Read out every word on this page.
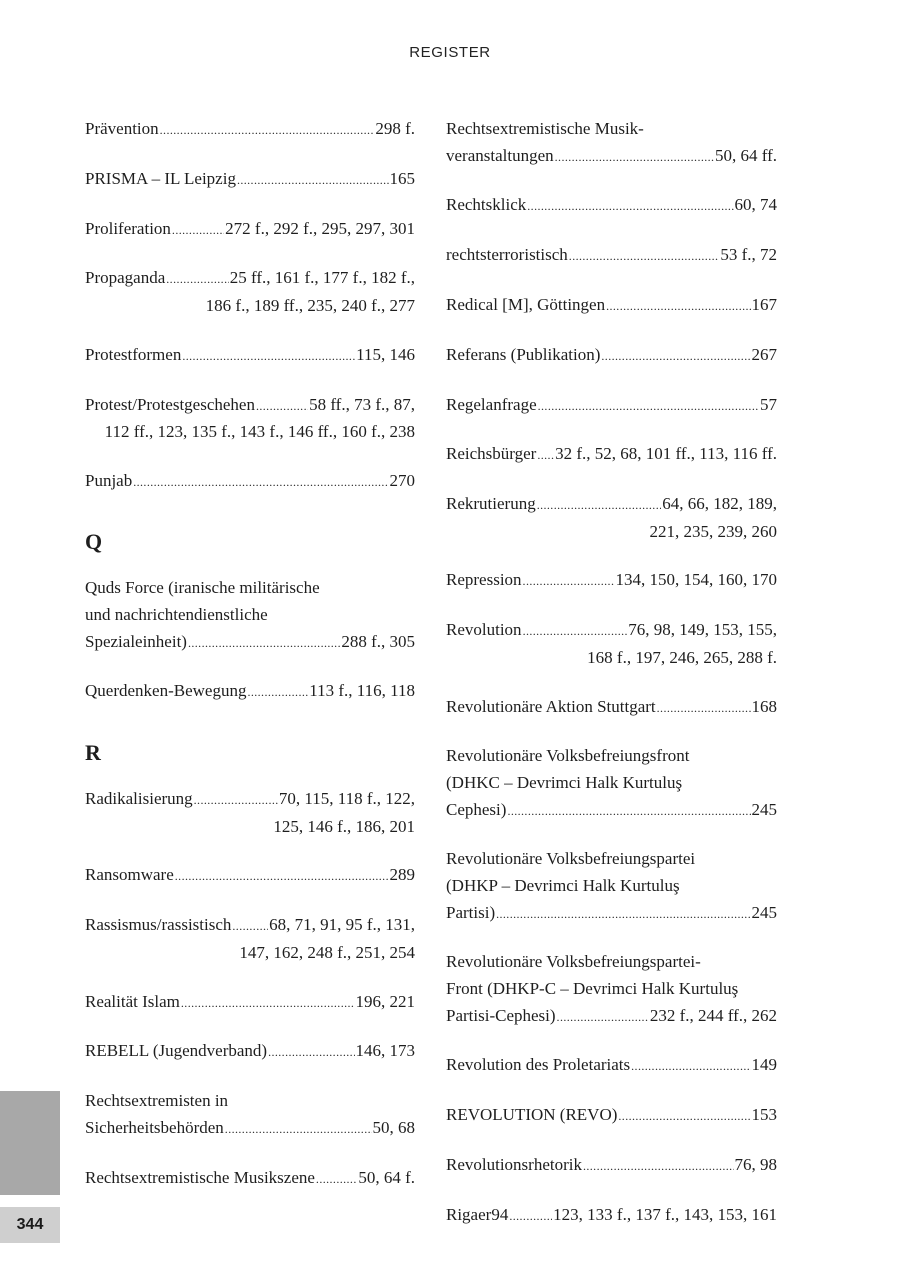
REGISTER
Prävention .....	298 f.
PRISMA – IL Leipzig .....	165
Proliferation .....	272 f., 292 f., 295, 297, 301
Propaganda .....	25 ff., 161 f., 177 f., 182 f.,
186 f., 189 ff., 235, 240 f., 277
Protestformen .....	115, 146
Protest/Protestgeschehen .....	58 ff., 73 f., 87,
112 ff., 123, 135 f., 143 f., 146 ff., 160 f., 238
Punjab .....	270
Q
Quds Force (iranische militärische
und nachrichtendienstliche
Spezialeinheit) .....	288 f., 305
Querdenken-Bewegung .....	113 f., 116, 118
R
Radikalisierung .....	70, 115, 118 f., 122,
125, 146 f., 186, 201
Ransomware .....	289
Rassismus/rassistisch ..... 68, 71, 91, 95 f., 131,
147, 162, 248 f., 251, 254
Realität Islam .....	196, 221
REBELL (Jugendverband) .....	146, 173
Rechtsextremisten in
Sicherheitsbehörden .....	50, 68
Rechtsextremistische Musikszene .....	50, 64 f.
Rechtsextremistische Musik-
veranstaltungen .....	50, 64 ff.
Rechtsklick .....	60, 74
rechtsterroristisch .....	53 f., 72
Redical [M], Göttingen .....	167
Referans (Publikation) .....	267
Regelanfrage .....	57
Reichsbürger ..... 32 f., 52, 68, 101 ff., 113, 116 ff.
Rekrutierung .....	64, 66, 182, 189,
221, 235, 239, 260
Repression .....	134, 150, 154, 160, 170
Revolution .....	76, 98, 149, 153, 155,
168 f., 197, 246, 265, 288 f.
Revolutionäre Aktion Stuttgart .....	168
Revolutionäre Volksbefreiungsfront
(DHKC – Devrimci Halk Kurtuluş
Cephesi) .....	245
Revolutionäre Volksbefreiungspartei
(DHKP – Devrimci Halk Kurtuluş
Partisi) .....	245
Revolutionäre Volksbefreiungspartei-
Front (DHKP-C – Devrimci Halk Kurtuluş
Partisi-Cephesi) .....	232 f., 244 ff., 262
Revolution des Proletariats .....	149
REVOLUTION (REVO) .....	153
Revolutionsrhetorik .....	76, 98
Rigaer94 .....	123, 133 f., 137 f., 143, 153, 161
344
